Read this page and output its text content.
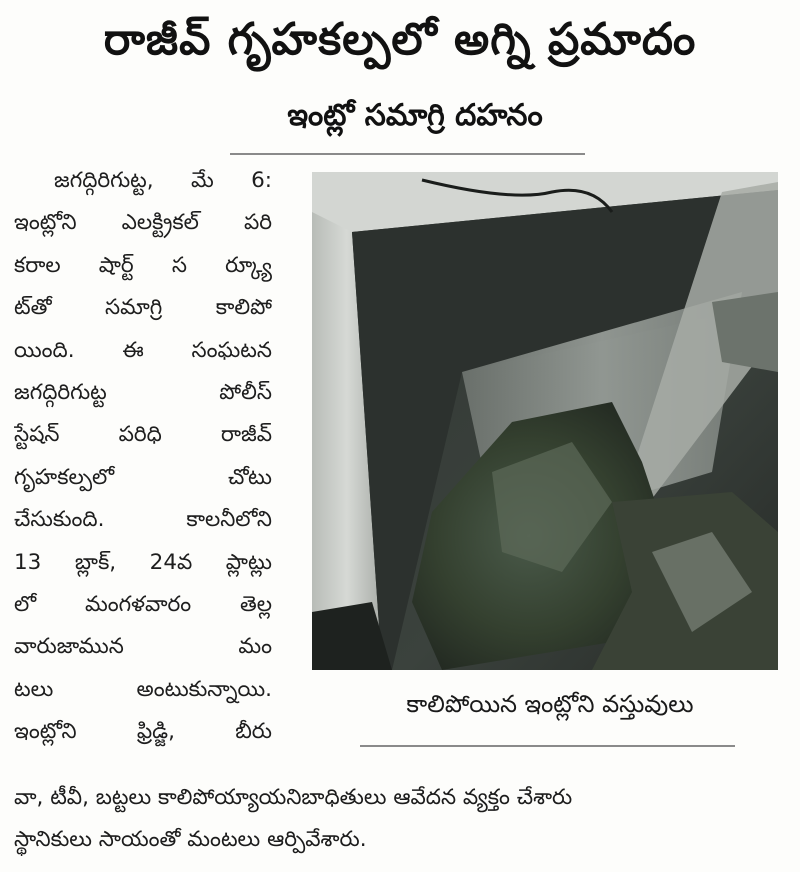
రాజీవ్ గృహకల్పలో అగ్ని ప్రమాదం
ఇంట్లో సమాగ్రి దహనం
జగద్గిరిగుట్ట, మే 6:
ఇంట్లోని ఎలక్ట్రికల్ పరి
కరాల షార్ట్ స ర్క్యూ
ట్‌తో సమాగ్రి కాలిపో
యింది. ఈ సంఘటన
జగద్గిరిగుట్ట పోలీస్
స్టేషన్ పరిధి రాజీవ్
గృహకల్పలో చోటు
చేసుకుంది. కాలనీలోని
13 బ్లాక్, 24వ ప్లాట్లు
లో మంగళవారం తెల్ల
వారుజామున మం
టలు అంటుకున్నాయి.
ఇంట్లోని ఫ్రిడ్జి, బీరు
కాలిపోయిన ఇంట్లోని వస్తువులు
వా, టీవీ, బట్టలు కాలిపోయ్యాయనిబాధితులు ఆవేదన వ్యక్తం చేశారు
స్థానికులు సాయంతో మంటలు ఆర్పివేశారు.
